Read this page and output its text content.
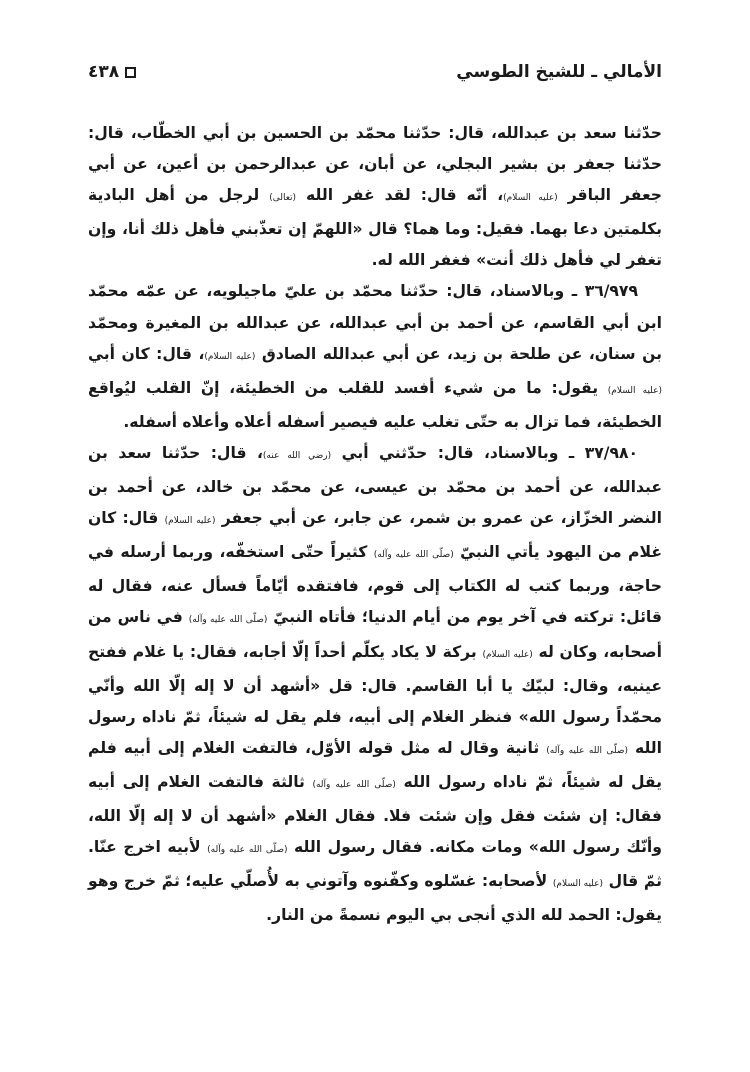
الأمالي ـ للشيخ الطوسي
٤٣٨

حدّثنا سعد بن عبدالله، قال: حدّثنا محمّد بن الحسين بن أبي الخطّاب، قال: حدّثنا جعفر بن بشير البجلي، عن أبان، عن عبدالرحمن بن أعين، عن أبي جعفر الباقر (عليه السلام)، أنّه قال: لقد غفر الله (تعالى) لرجل من أهل البادية بكلمتين دعا بهما. فقيل: وما هما؟ قال «اللهمّ إن تعذّبني فأهل ذلك أنا، وإن تغفر لي فأهل ذلك أنت» فغفر الله له.

٣٦/٩٧٩ ـ وبالاسناد، قال: حدّثنا محمّد بن عليّ ماجيلويه، عن عمّه محمّد ابن أبي القاسم، عن أحمد بن أبي عبدالله، عن عبدالله بن المغيرة ومحمّد بن سنان، عن طلحة بن زيد، عن أبي عبدالله الصادق (عليه السلام)، قال: كان أبي (عليه السلام) يقول: ما من شيء أفسد للقلب من الخطيئة، إنّ القلب ليُواقع الخطيئة، فما تزال به حتّى تغلب عليه فيصير أسفله أعلاه وأعلاه أسفله.

٣٧/٩٨٠ ـ وبالاسناد، قال: حدّثني أبي (رضي الله عنه)، قال: حدّثنا سعد بن عبدالله، عن أحمد بن محمّد بن عيسى، عن محمّد بن خالد، عن أحمد بن النضر الخزّاز، عن عمرو بن شمر، عن جابر، عن أبي جعفر (عليه السلام) قال: كان غلام من اليهود يأتي النبيّ (صلّى الله عليه وآله) كثيراً حتّى استخفّه، وربما أرسله في حاجة، وربما كتب له الكتاب إلى قوم، فافتقده أيّاماً فسأل عنه، فقال له قائل: تركته في آخر يوم من أيام الدنيا؛ فأتاه النبيّ (صلّى الله عليه وآله) في ناس من أصحابه، وكان له (عليه السلام) بركة لا يكاد يكلّم أحداً إلّا أجابه، فقال: يا غلام ففتح عينيه، وقال: لبيّك يا أبا القاسم. قال: قل «أشهد أن لا إله إلّا الله وأنّي محمّداً رسول الله» فنظر الغلام إلى أبيه، فلم يقل له شيئاً، ثمّ ناداه رسول الله (صلّى الله عليه وآله) ثانية وقال له مثل قوله الأوّل، فالتفت الغلام إلى أبيه فلم يقل له شيئاً، ثمّ ناداه رسول الله (صلّى الله عليه وآله) ثالثة فالتفت الغلام إلى أبيه فقال: إن شئت فقل وإن شئت فلا. فقال الغلام «أشهد أن لا إله إلّا الله، وأنّك رسول الله» ومات مكانه. فقال رسول الله (صلّى الله عليه وآله) لأبيه اخرج عنّا. ثمّ قال (عليه السلام) لأصحابه: غسّلوه وكفّنوه وآتوني به لأُصلّي عليه؛ ثمّ خرج وهو يقول: الحمد لله الذي أنجى بي اليوم نسمةً من النار.
